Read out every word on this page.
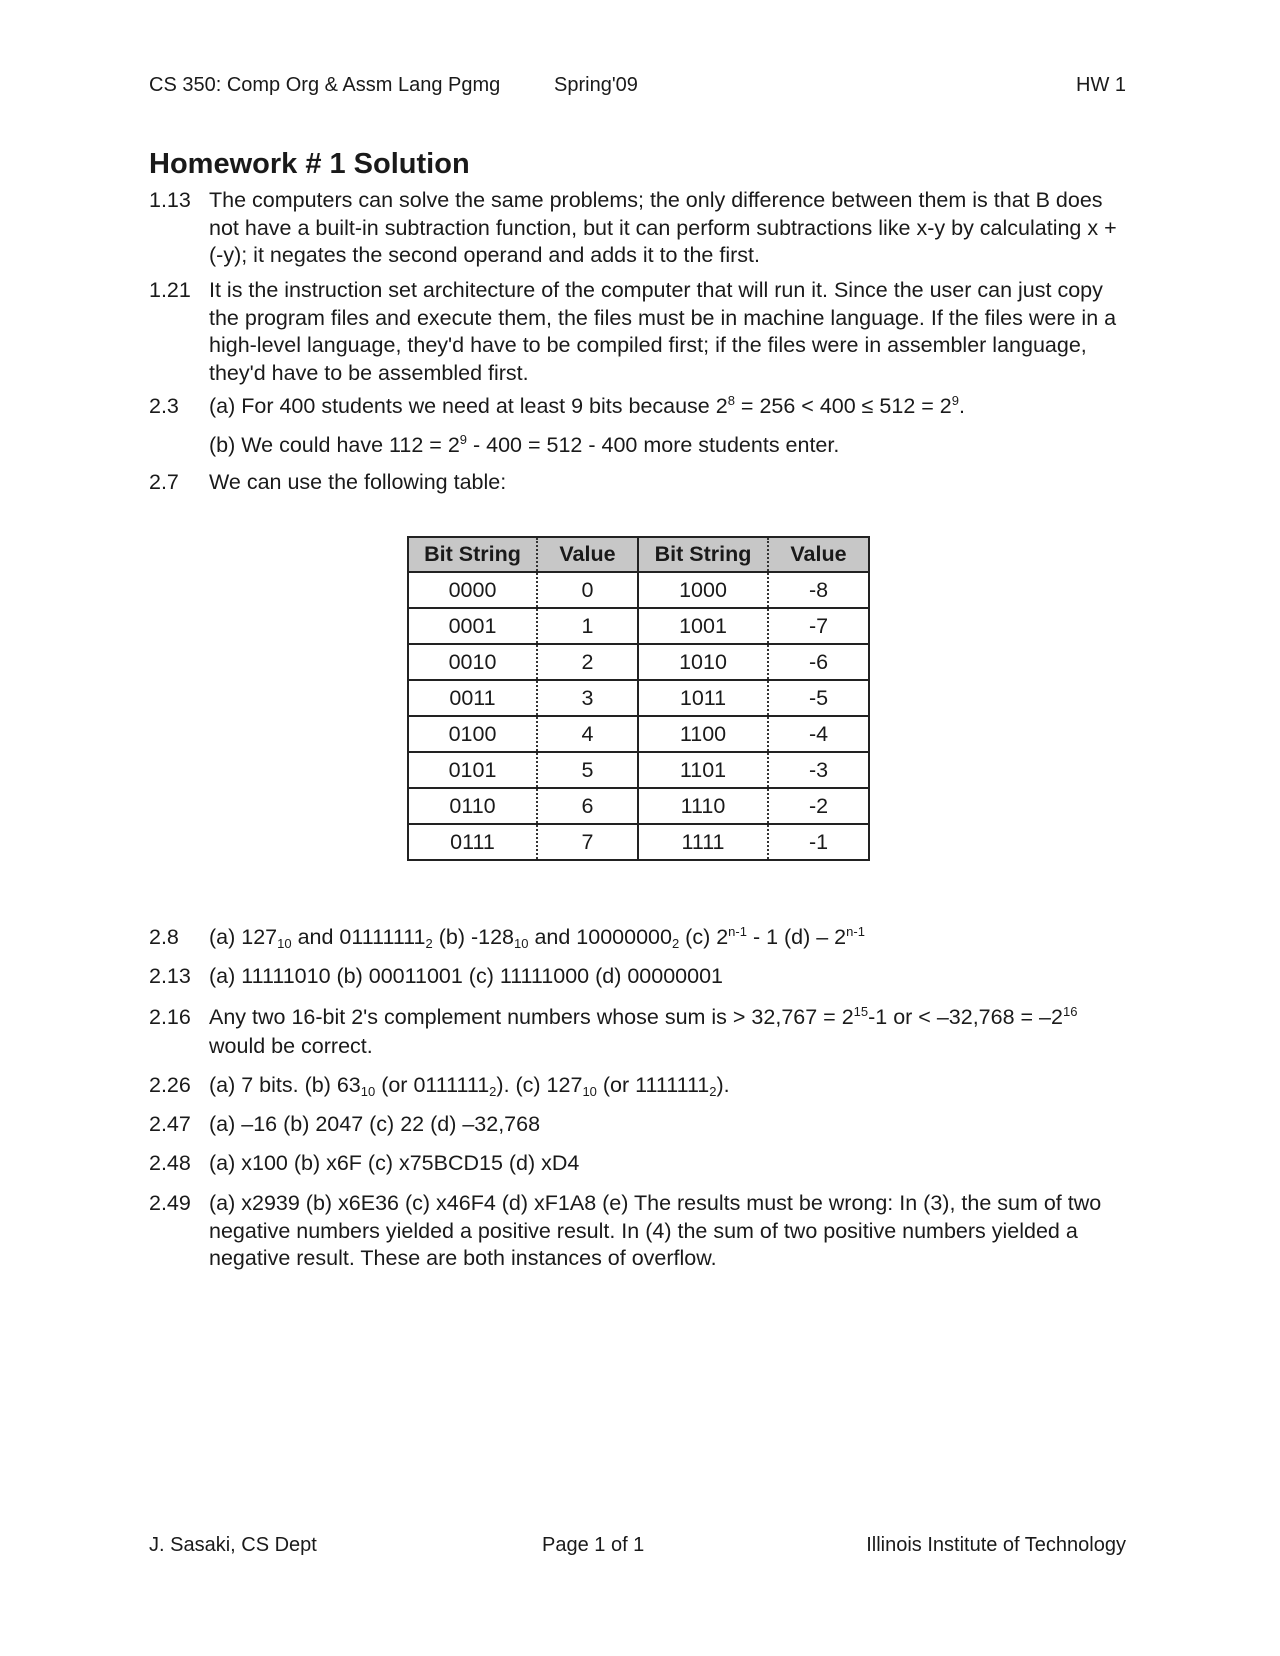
CS 350: Comp Org & Assm Lang Pgmg	Spring'09	HW 1
Homework # 1 Solution
1.13 The computers can solve the same problems; the only difference between them is that B does not have a built-in subtraction function, but it can perform subtractions like x-y by calculating x + (-y); it negates the second operand and adds it to the first.
1.21 It is the instruction set architecture of the computer that will run it. Since the user can just copy the program files and execute them, the files must be in machine language. If the files were in a high-level language, they'd have to be compiled first; if the files were in assembler language, they'd have to be assembled first.
2.3 (a) For 400 students we need at least 9 bits because $2^8 = 256 < 400 \le 512 = 2^9$.
(b) We could have $112 = 2^9 - 400 = 512 - 400$ more students enter.
2.7 We can use the following table:
Bit String	Value	Bit String	Value
0000	0	1000	-8
0001	1	1001	-7
0010	2	1010	-6
0011	3	1011	-5
0100	4	1100	-4
0101	5	1101	-3
0110	6	1110	-2
0111	7	1111	-1
2.8 (a) $127_{10}$ and $01111111_2$ (b) $-128_{10}$ and $10000000_2$ (c) 2$^{n-1}$ - 1 (d) – 2$^{n-1}$
2.13 (a) 11111010 (b) 00011001 (c) 11111000 (d) 00000001
2.16 Any two 16-bit 2's complement numbers whose sum is > $32,767 = 2^{15}-1$ or < $-32,768 = -2^{16}$ would be correct.
2.26 (a) 7 bits. (b) $63_{10}$ (or $0111111_2$). (c) $127_{10}$ (or $1111111_2$).
2.47 (a) –16 (b) 2047 (c) 22 (d) –32,768
2.48 (a) x100 (b) x6F (c) x75BCD15 (d) xD4
2.49 (a) x2939 (b) x6E36 (c) x46F4 (d) xF1A8 (e) The results must be wrong: In (3), the sum of two negative numbers yielded a positive result. In (4) the sum of two positive numbers yielded a negative result. These are both instances of overflow.
J. Sasaki, CS Dept	Page 1 of 1	Illinois Institute of Technology
